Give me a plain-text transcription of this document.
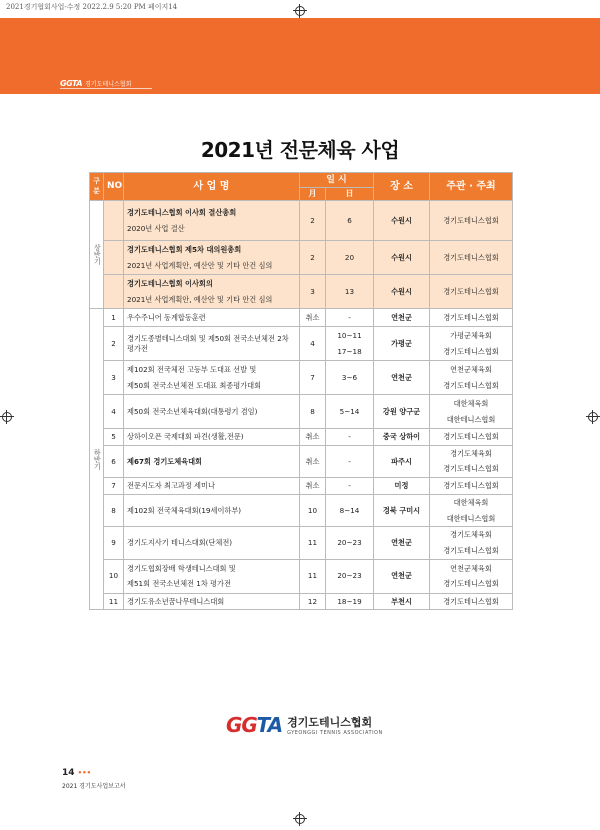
2021경기협회사업-수정 2022.2.9 5:20 PM 페이지14
GGTA 경기도테니스협회
2021년 전문체육 사업
구분	NO	사 업 명	일 시		장 소	주관 · 주최
			月	日		
상반기		경기도테니스협회 이사회 결산총회
2020년 사업 결산	2	6	수원시	경기도테니스협회

		경기도테니스협회 제5차 대의원총회
2021년 사업계획안, 예산안 및 기타 안건 심의	2	20	수원시	경기도테니스협회

		경기도테니스협회 이사회의
2021년 사업계획안, 예산안 및 기타 안건 심의	3	13	수원시	경기도테니스협회

하반기	1	우수주니어 동계합동훈련	취소	-	연천군	경기도테니스협회

	2	경기도종별테니스대회 및 제50회 전국소년체전 2차 평가전	4	10~11
17~18	가평군	가평군체육회
경기도테니스협회

	3	제102회 전국체전 고등부 도대표 선발 및
제50회 전국소년체전 도대표 최종평가대회	7	3~6	연천군	연천군체육회
경기도테니스협회

	4	제50회 전국소년체육대회(대통령기 겸임)	8	5~14	강원 양구군	대한체육회
대한테니스협회

	5	상하이오픈 국제대회 파견(생활,전문)	취소	-	중국 상하이	경기도테니스협회

	6	제67회 경기도체육대회	취소	-	파주시	경기도체육회
경기도테니스협회

	7	전문지도자 최고과정 세미나	취소	-	미정	경기도테니스협회

	8	제102회 전국체육대회(19세이하부)	10	8~14	경북 구미시	대한체육회
대한테니스협회

	9	경기도지사기 테니스대회(단체전)	11	20~23	연천군	경기도체육회
경기도테니스협회

	10	경기도협회장배 학생테니스대회 및
제51회 전국소년체전 1차 평가전	11	20~23	연천군	연천군체육회
경기도테니스협회

	11	경기도유소년꿈나무테니스대회	12	18~19	부천시	경기도테니스협회
GGTA 경기도테니스협회
GYEONGGI TENNIS ASSOCIATION
14 •••
2021 경기도사업보고서
